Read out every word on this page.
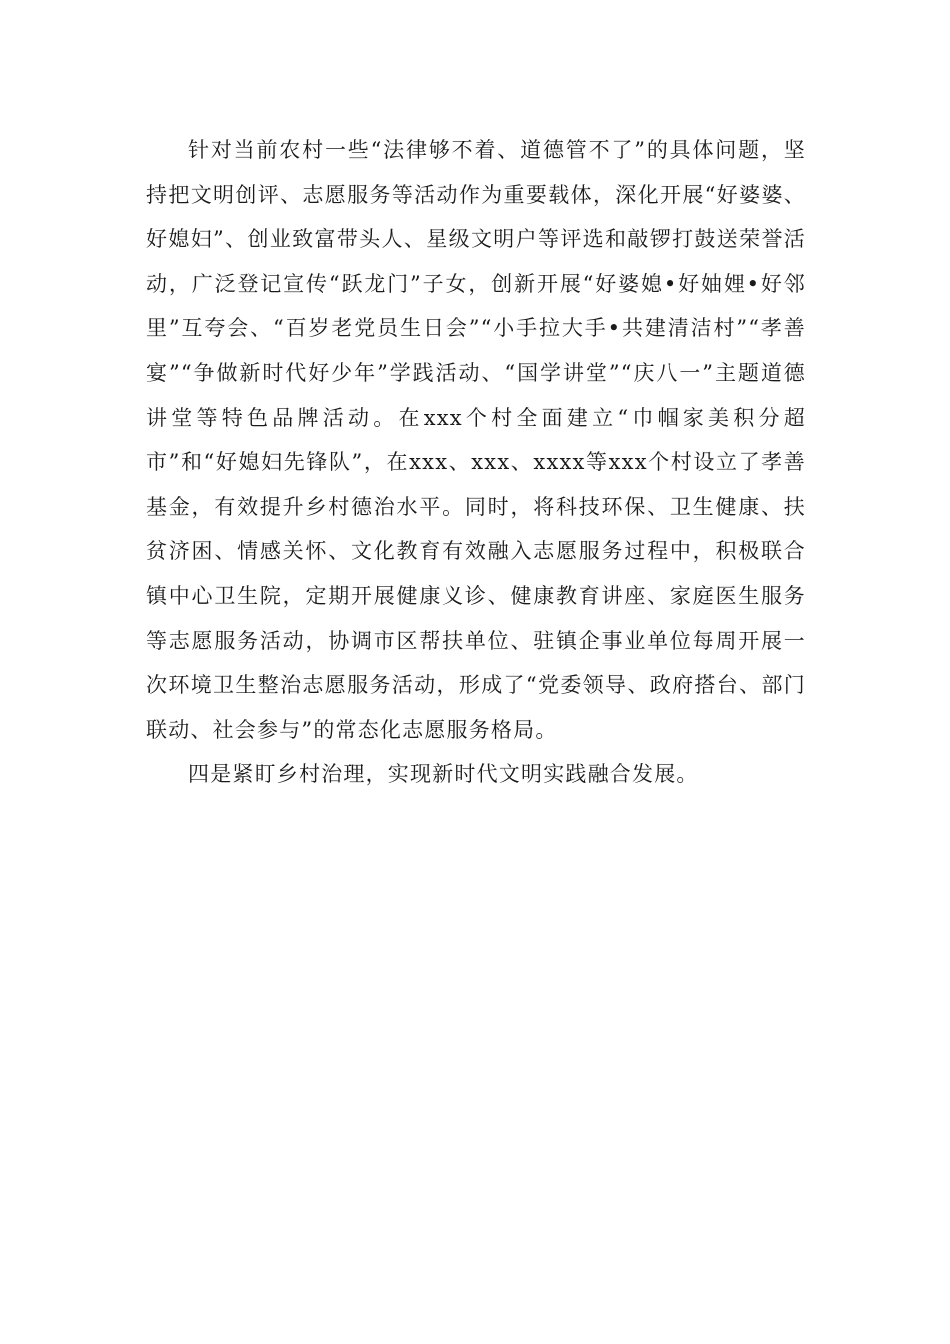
针对当前农村一些“法律够不着、道德管不了”的具体问题，坚持把文明创评、志愿服务等活动作为重要载体，深化开展“好婆婆、好媳妇”、创业致富带头人、星级文明户等评选和敲锣打鼓送荣誉活动，广泛登记宣传“跃龙门”子女，创新开展“好婆媳•好妯娌•好邻里”互夸会、“百岁老党员生日会”“小手拉大手•共建清洁村”“孝善宴”“争做新时代好少年”学践活动、“国学讲堂”“庆八一”主题道德讲堂等特色品牌活动。在xxx个村全面建立“巾帼家美积分超市”和“好媳妇先锋队”，在xxx、xxx、xxxx等xxx个村设立了孝善基金，有效提升乡村德治水平。同时，将科技环保、卫生健康、扶贫济困、情感关怀、文化教育有效融入志愿服务过程中，积极联合镇中心卫生院，定期开展健康义诊、健康教育讲座、家庭医生服务等志愿服务活动，协调市区帮扶单位、驻镇企事业单位每周开展一次环境卫生整治志愿服务活动，形成了“党委领导、政府搭台、部门联动、社会参与”的常态化志愿服务格局。

四是紧盯乡村治理，实现新时代文明实践融合发展。
